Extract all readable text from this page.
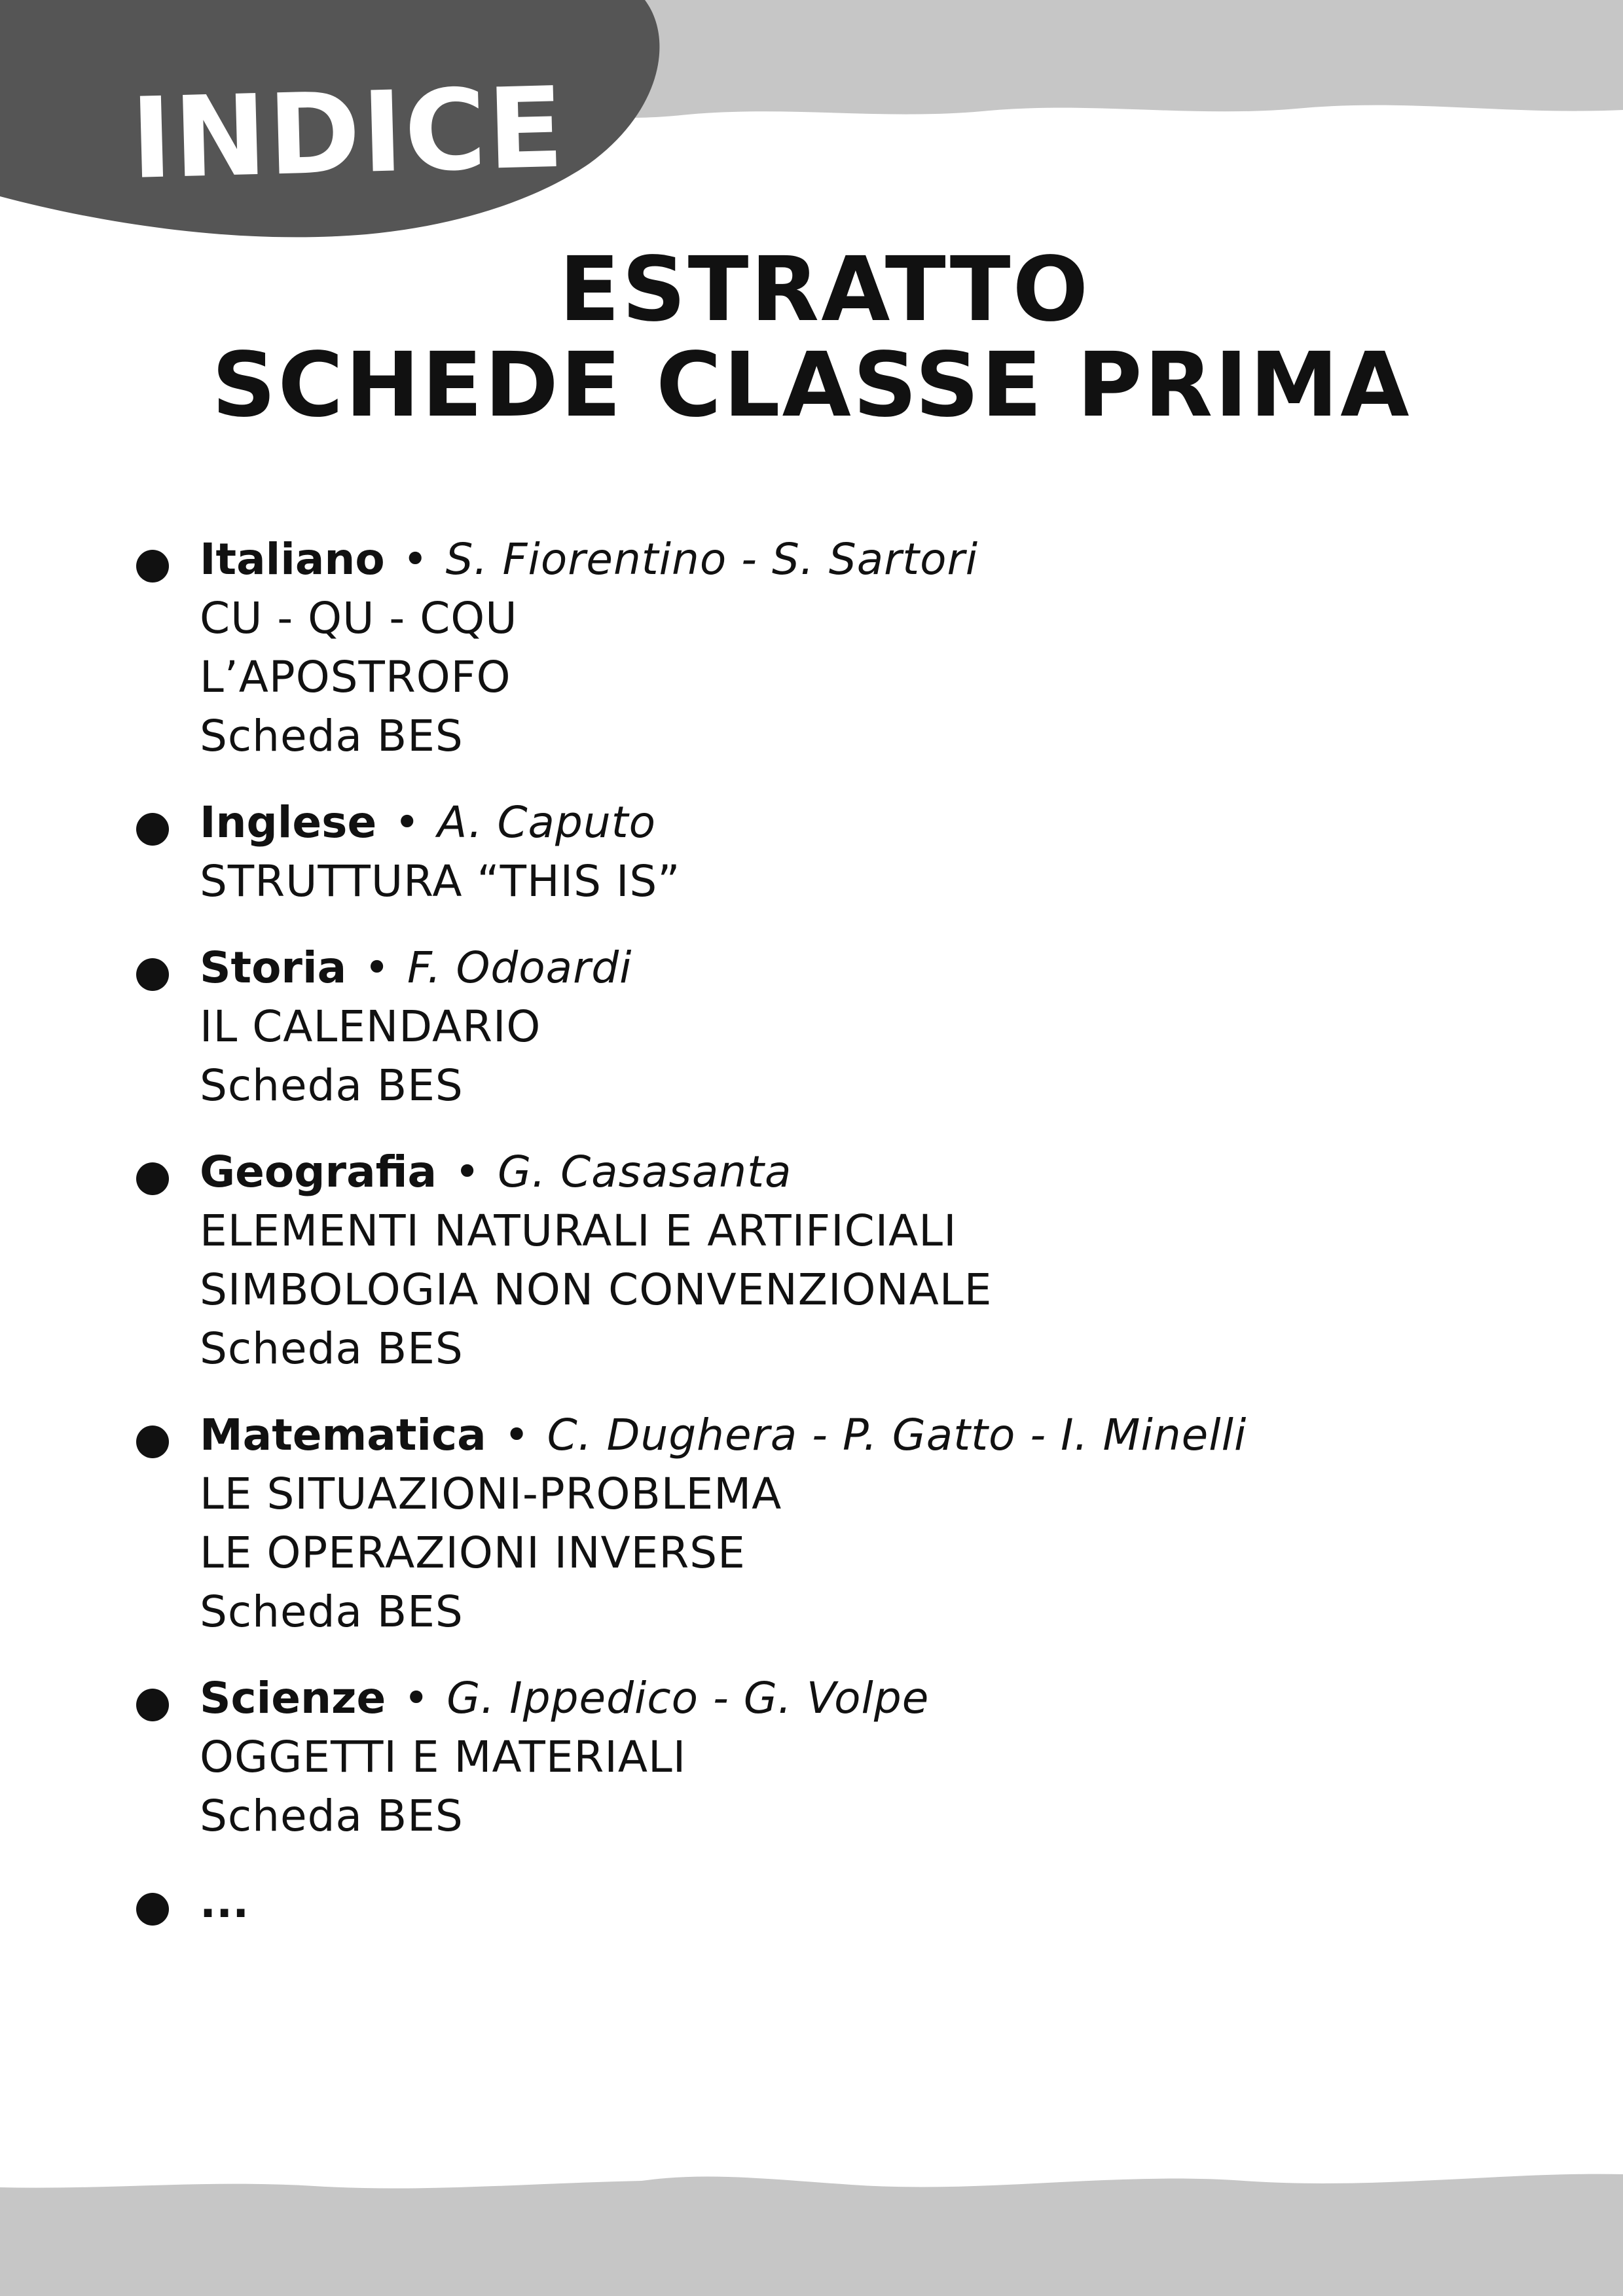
INDICE
ESTRATTO
SCHEDE CLASSE PRIMA
Italiano • S. Fiorentino - S. Sartori
CU - QU - CQU
L’APOSTROFO
Scheda BES
Inglese • A. Caputo
STRUTTURA “THIS IS”
Storia • F. Odoardi
IL CALENDARIO
Scheda BES
Geografia • G. Casasanta
ELEMENTI NATURALI E ARTIFICIALI
SIMBOLOGIA NON CONVENZIONALE
Scheda BES
Matematica • C. Dughera - P. Gatto - I. Minelli
LE SITUAZIONI-PROBLEMA
LE OPERAZIONI INVERSE
Scheda BES
Scienze • G. Ippedico - G. Volpe
OGGETTI E MATERIALI
Scheda BES
...
